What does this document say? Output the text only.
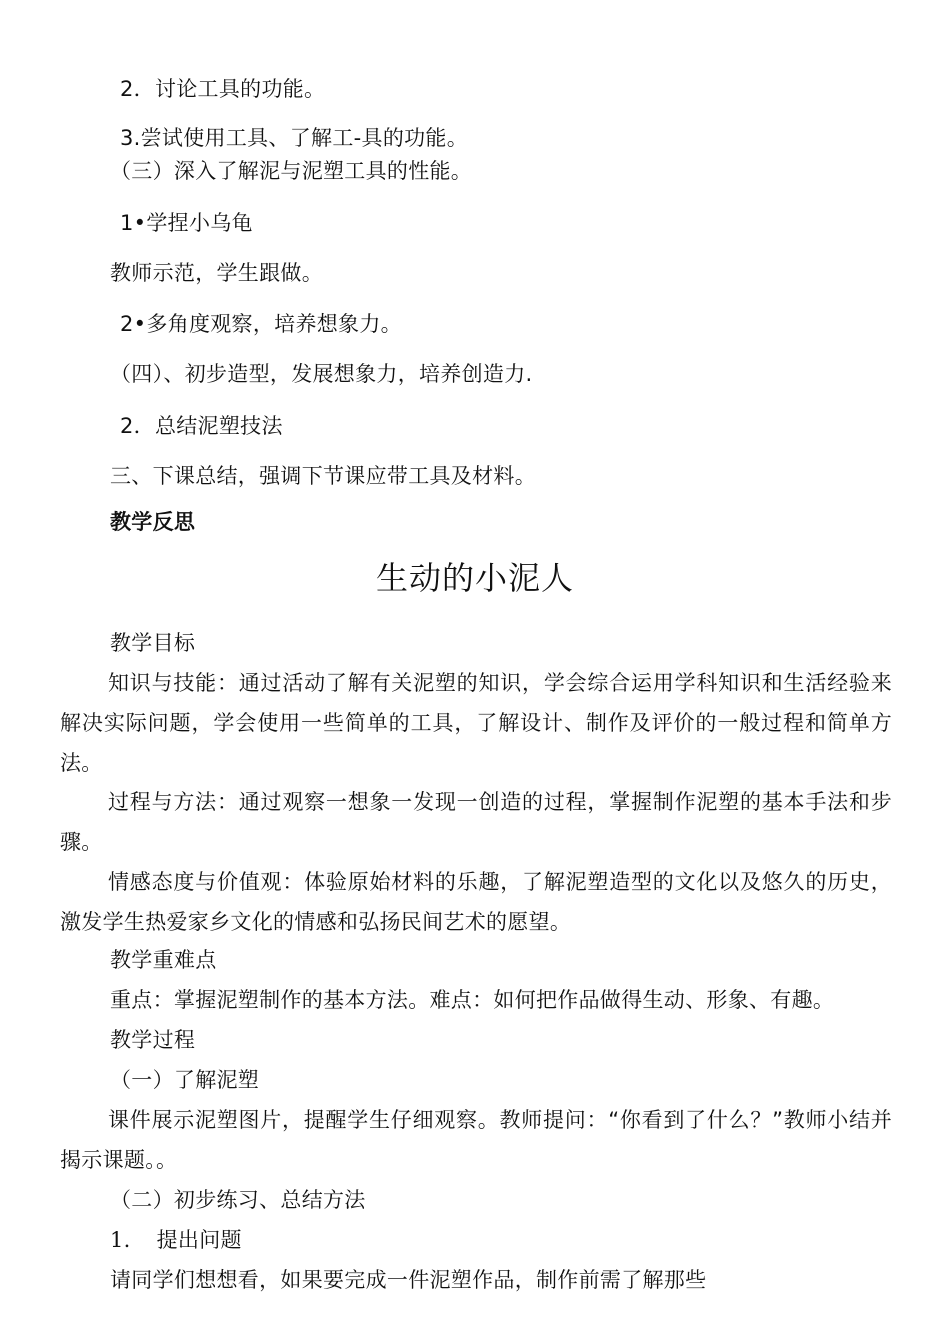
2．讨论工具的功能。
3.尝试使用工具、了解工-具的功能。
（三）深入了解泥与泥塑工具的性能。
1•学捏小乌龟
教师示范，学生跟做。
2•多角度观察，培养想象力。
（四）、初步造型，发展想象力，培养创造力.
2．总结泥塑技法
三、下课总结，强调下节课应带工具及材料。
教学反思
生动的小泥人
教学目标

知识与技能：通过活动了解有关泥塑的知识，学会综合运用学科知识和生活经验来解决实际问题，学会使用一些简单的工具，了解设计、制作及评价的一般过程和简单方法。

过程与方法：通过观察一想象一发现一创造的过程，掌握制作泥塑的基本手法和步骤。

情感态度与价值观：体验原始材料的乐趣，了解泥塑造型的文化以及悠久的历史，激发学生热爱家乡文化的情感和弘扬民间艺术的愿望。

教学重难点
重点：掌握泥塑制作的基本方法。难点：如何把作品做得生动、形象、有趣。
教学过程
（一）了解泥塑

课件展示泥塑图片，提醒学生仔细观察。教师提问：“你看到了什么？”教师小结并揭示课题。。

（二）初步练习、总结方法
1. 提出问题
请同学们想想看，如果要完成一件泥塑作品，制作前需了解那些
